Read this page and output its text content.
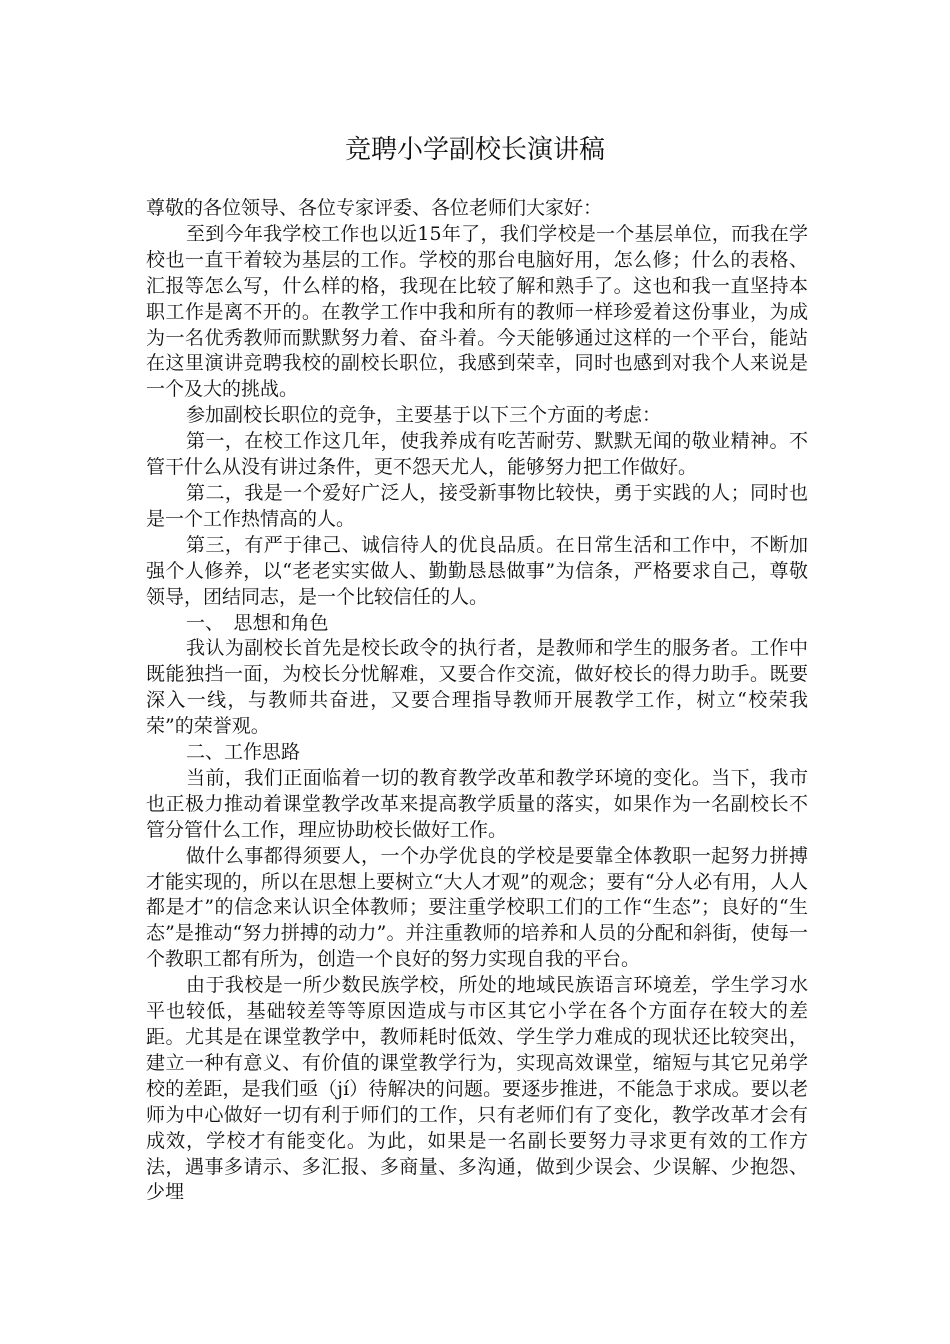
竞聘小学副校长演讲稿

尊敬的各位领导、各位专家评委、各位老师们大家好：

至到今年我学校工作也以近15年了，我们学校是一个基层单位，而我在学校也一直干着较为基层的工作。学校的那台电脑好用，怎么修；什么的表格、汇报等怎么写，什么样的格，我现在比较了解和熟手了。这也和我一直坚持本职工作是离不开的。在教学工作中我和所有的教师一样珍爱着这份事业，为成为一名优秀教师而默默努力着、奋斗着。今天能够通过这样的一个平台，能站在这里演讲竞聘我校的副校长职位，我感到荣幸，同时也感到对我个人来说是一个及大的挑战。

参加副校长职位的竞争，主要基于以下三个方面的考虑：

第一，在校工作这几年，使我养成有吃苦耐劳、默默无闻的敬业精神。不管干什么从没有讲过条件，更不怨天尤人，能够努力把工作做好。

第二，我是一个爱好广泛人，接受新事物比较快，勇于实践的人；同时也是一个工作热情高的人。

第三，有严于律己、诚信待人的优良品质。在日常生活和工作中，不断加强个人修养，以“老老实实做人、勤勤恳恳做事”为信条，严格要求自己，尊敬领导，团结同志，是一个比较信任的人。

一、　思想和角色

我认为副校长首先是校长政令的执行者，是教师和学生的服务者。工作中既能独挡一面，为校长分忧解难，又要合作交流，做好校长的得力助手。既要深入一线，与教师共奋进，又要合理指导教师开展教学工作，树立“校荣我荣”的荣誉观。

二、工作思路

当前，我们正面临着一切的教育教学改革和教学环境的变化。当下，我市也正极力推动着课堂教学改革来提高教学质量的落实，如果作为一名副校长不管分管什么工作，理应协助校长做好工作。

做什么事都得须要人，一个办学优良的学校是要靠全体教职一起努力拼搏才能实现的，所以在思想上要树立“大人才观”的观念；要有“分人必有用，人人都是才”的信念来认识全体教师；要注重学校职工们的工作“生态”；良好的“生态”是推动“努力拼搏的动力”。并注重教师的培养和人员的分配和斜街，使每一个教职工都有所为，创造一个良好的努力实现自我的平台。

由于我校是一所少数民族学校，所处的地域民族语言环境差，学生学习水平也较低，基础较差等等原因造成与市区其它小学在各个方面存在较大的差距。尤其是在课堂教学中，教师耗时低效、学生学力难成的现状还比较突出，建立一种有意义、有价值的课堂教学行为，实现高效课堂，缩短与其它兄弟学校的差距，是我们亟（jí）待解决的问题。要逐步推进，不能急于求成。要以老师为中心做好一切有利于师们的工作，只有老师们有了变化，教学改革才会有成效，学校才有能变化。为此，如果是一名副长要努力寻求更有效的工作方法，遇事多请示、多汇报、多商量、多沟通，做到少误会、少误解、少抱怨、少埋
